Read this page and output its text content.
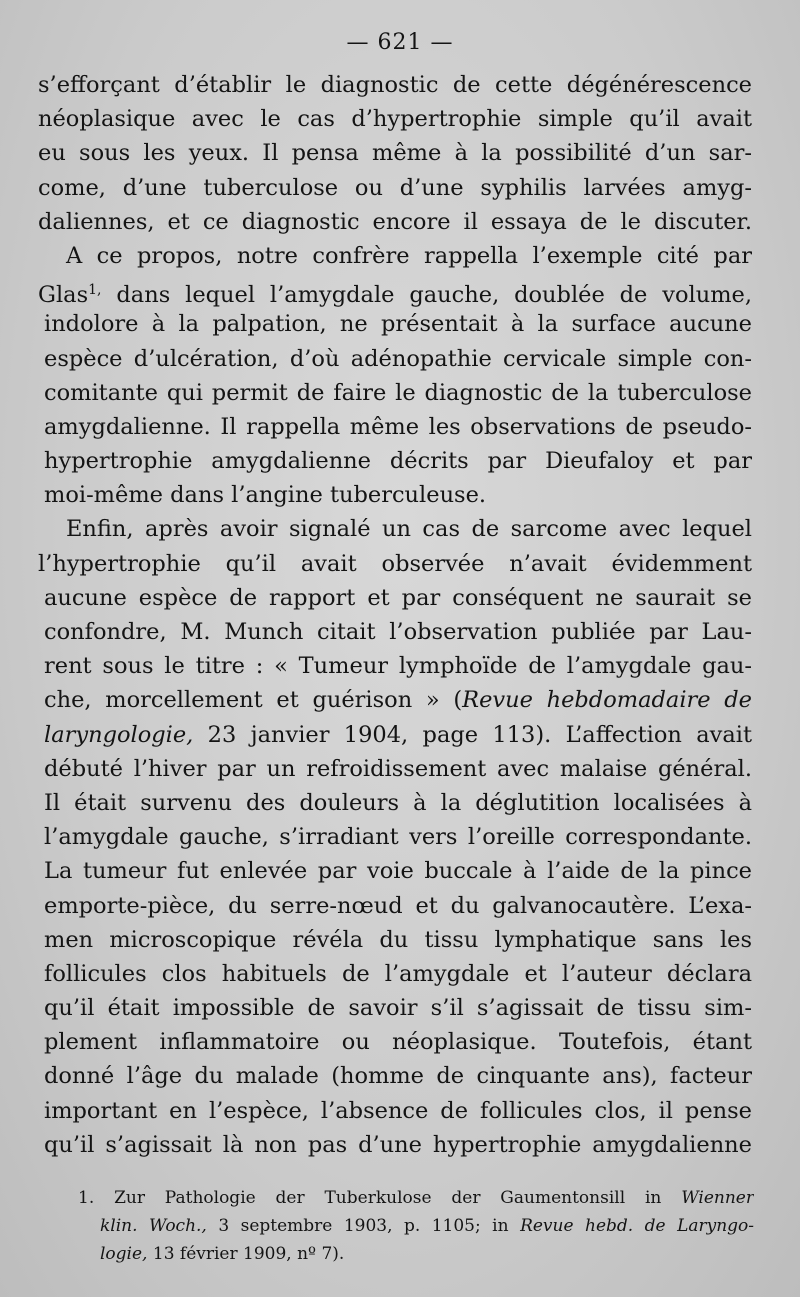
— 621 —
s’efforçant d’établir le diagnostic de cette dégénérescence
néoplasique avec le cas d’hypertrophie simple qu’il avait
eu sous les yeux. Il pensa même à la possibilité d’un sar-
come, d’une tuberculose ou d’une syphilis larvées amyg-
daliennes, et ce diagnostic encore il essaya de le discuter.
A ce propos, notre confrère rappella l’exemple cité par
Glas$^{1,}$ dans lequel l’amygdale gauche, doublée de volume,
indolore à la palpation, ne présentait à la surface aucune
espèce d’ulcération, d’où adénopathie cervicale simple con-
comitante qui permit de faire le diagnostic de la tuberculose
amygdalienne. Il rappella même les observations de pseudo-
hypertrophie amygdalienne décrits par Dieufaloy et par
moi-même dans l’angine tuberculeuse.
Enfin, après avoir signalé un cas de sarcome avec lequel
l’hypertrophie qu’il avait observée n’avait évidemment
aucune espèce de rapport et par conséquent ne saurait se
confondre, M. Munch citait l’observation publiée par Lau-
rent sous le titre : « Tumeur lymphoïde de l’amygdale gau-
che, morcellement et guérison » (Revue hebdomadaire de
laryngologie, 23 janvier 1904, page 113). L’affection avait
débuté l’hiver par un refroidissement avec malaise général.
Il était survenu des douleurs à la déglutition localisées à
l’amygdale gauche, s’irradiant vers l’oreille correspondante.
La tumeur fut enlevée par voie buccale à l’aide de la pince
emporte-pièce, du serre-nœud et du galvanocautère. L’exa-
men microscopique révéla du tissu lymphatique sans les
follicules clos habituels de l’amygdale et l’auteur déclara
qu’il était impossible de savoir s’il s’agissait de tissu sim-
plement inflammatoire ou néoplasique. Toutefois, étant
donné l’âge du malade (homme de cinquante ans), facteur
important en l’espèce, l’absence de follicules clos, il pense
qu’il s’agissait là non pas d’une hypertrophie amygdalienne
1. Zur Pathologie der Tuberkulose der Gaumentonsill in Wienner
klin. Woch., 3 septembre 1903, p. 1105; in Revue hebd. de Laryngo-
logie, 13 février 1909, nº 7).
